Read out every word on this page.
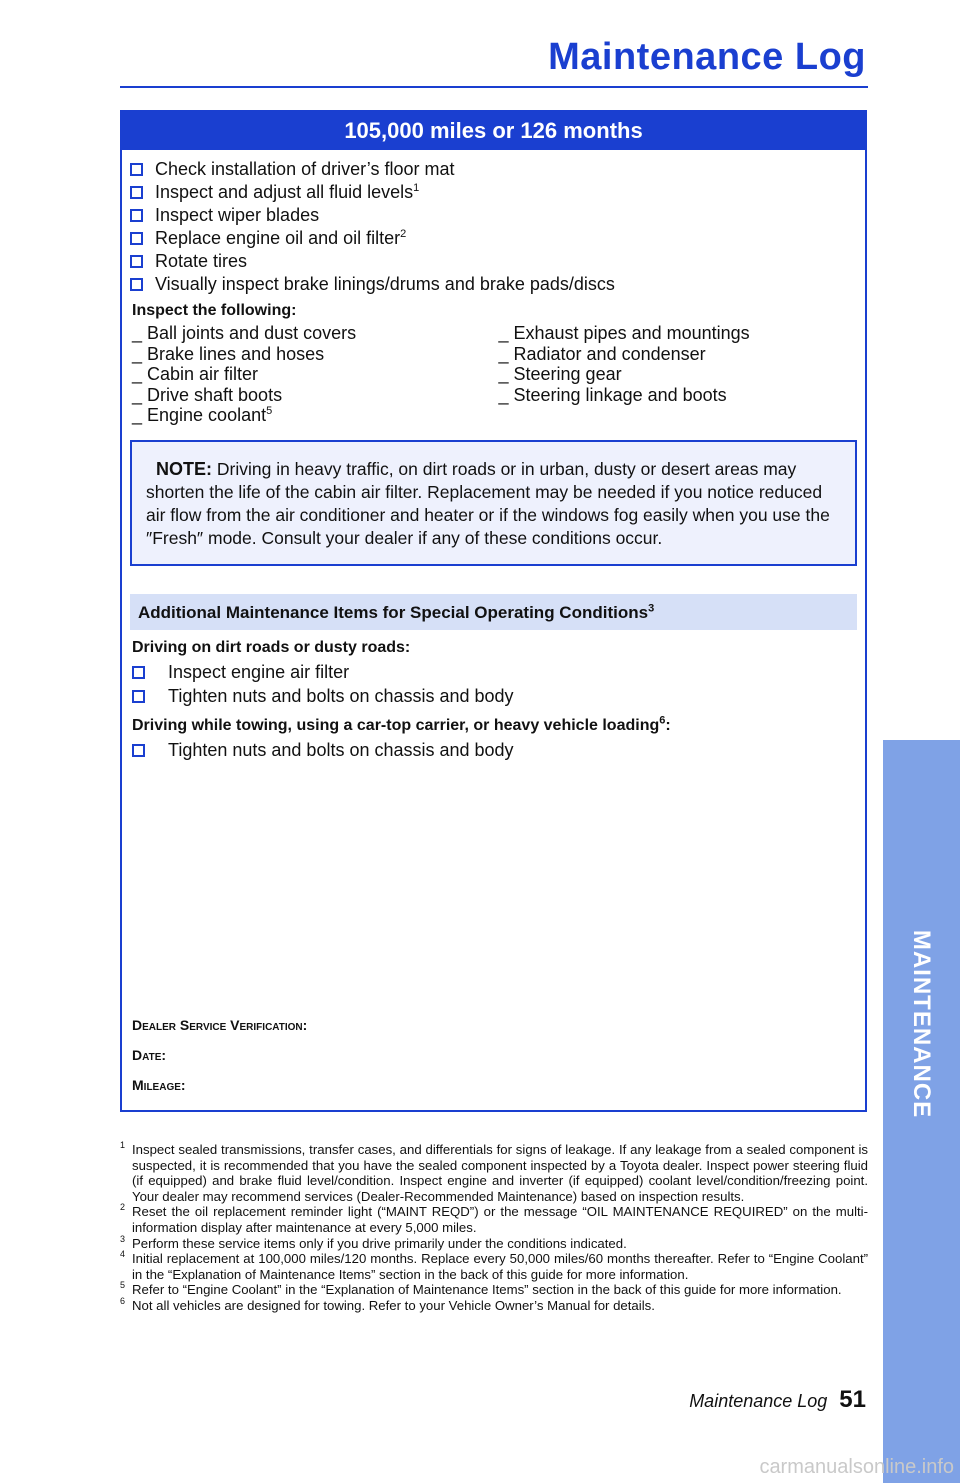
Maintenance Log
MAINTENANCE
105,000 miles or 126 months
Check installation of driver’s floor mat
Inspect and adjust all fluid levels$^1$
Inspect wiper blades
Replace engine oil and oil filter$^2$
Rotate tires
Visually inspect brake linings/drums and brake pads/discs
Inspect the following:
_ Ball joints and dust covers
_ Brake lines and hoses
_ Cabin air filter
_ Drive shaft boots
_ Engine coolant$^5$
_ Exhaust pipes and mountings
_ Radiator and condenser
_ Steering gear
_ Steering linkage and boots
NOTE: Driving in heavy traffic, on dirt roads or in urban, dusty or desert areas may shorten the life of the cabin air filter. Replacement may be needed if you notice reduced air flow from the air conditioner and heater or if the windows fog easily when you use the ″Fresh″ mode. Consult your dealer if any of these conditions occur.
Additional Maintenance Items for Special Operating Conditions$^3$
Driving on dirt roads or dusty roads:
Inspect engine air filter
Tighten nuts and bolts on chassis and body
Driving while towing, using a car-top carrier, or heavy vehicle loading$^6$:
Tighten nuts and bolts on chassis and body
Dealer Service Verification:
Date:
Mileage:
1 Inspect sealed transmissions, transfer cases, and differentials for signs of leakage. If any leakage from a sealed component is suspected, it is recommended that you have the sealed component inspected by a Toyota dealer. Inspect power steering fluid (if equipped) and brake fluid level/condition. Inspect engine and inverter (if equipped) coolant level/condition/freezing point. Your dealer may recommend services (Dealer-Recommended Maintenance) based on inspection results.
2 Reset the oil replacement reminder light (“MAINT REQD”) or the message “OIL MAINTENANCE REQUIRED” on the multi-information display after maintenance at every 5,000 miles.
3 Perform these service items only if you drive primarily under the conditions indicated.
4 Initial replacement at 100,000 miles/120 months. Replace every 50,000 miles/60 months thereafter. Refer to “Engine Coolant” in the “Explanation of Maintenance Items” section in the back of this guide for more information.
5 Refer to “Engine Coolant” in the “Explanation of Maintenance Items” section in the back of this guide for more information.
6 Not all vehicles are designed for towing. Refer to your Vehicle Owner’s Manual for details.
Maintenance Log 51
carmanualsonline.info
